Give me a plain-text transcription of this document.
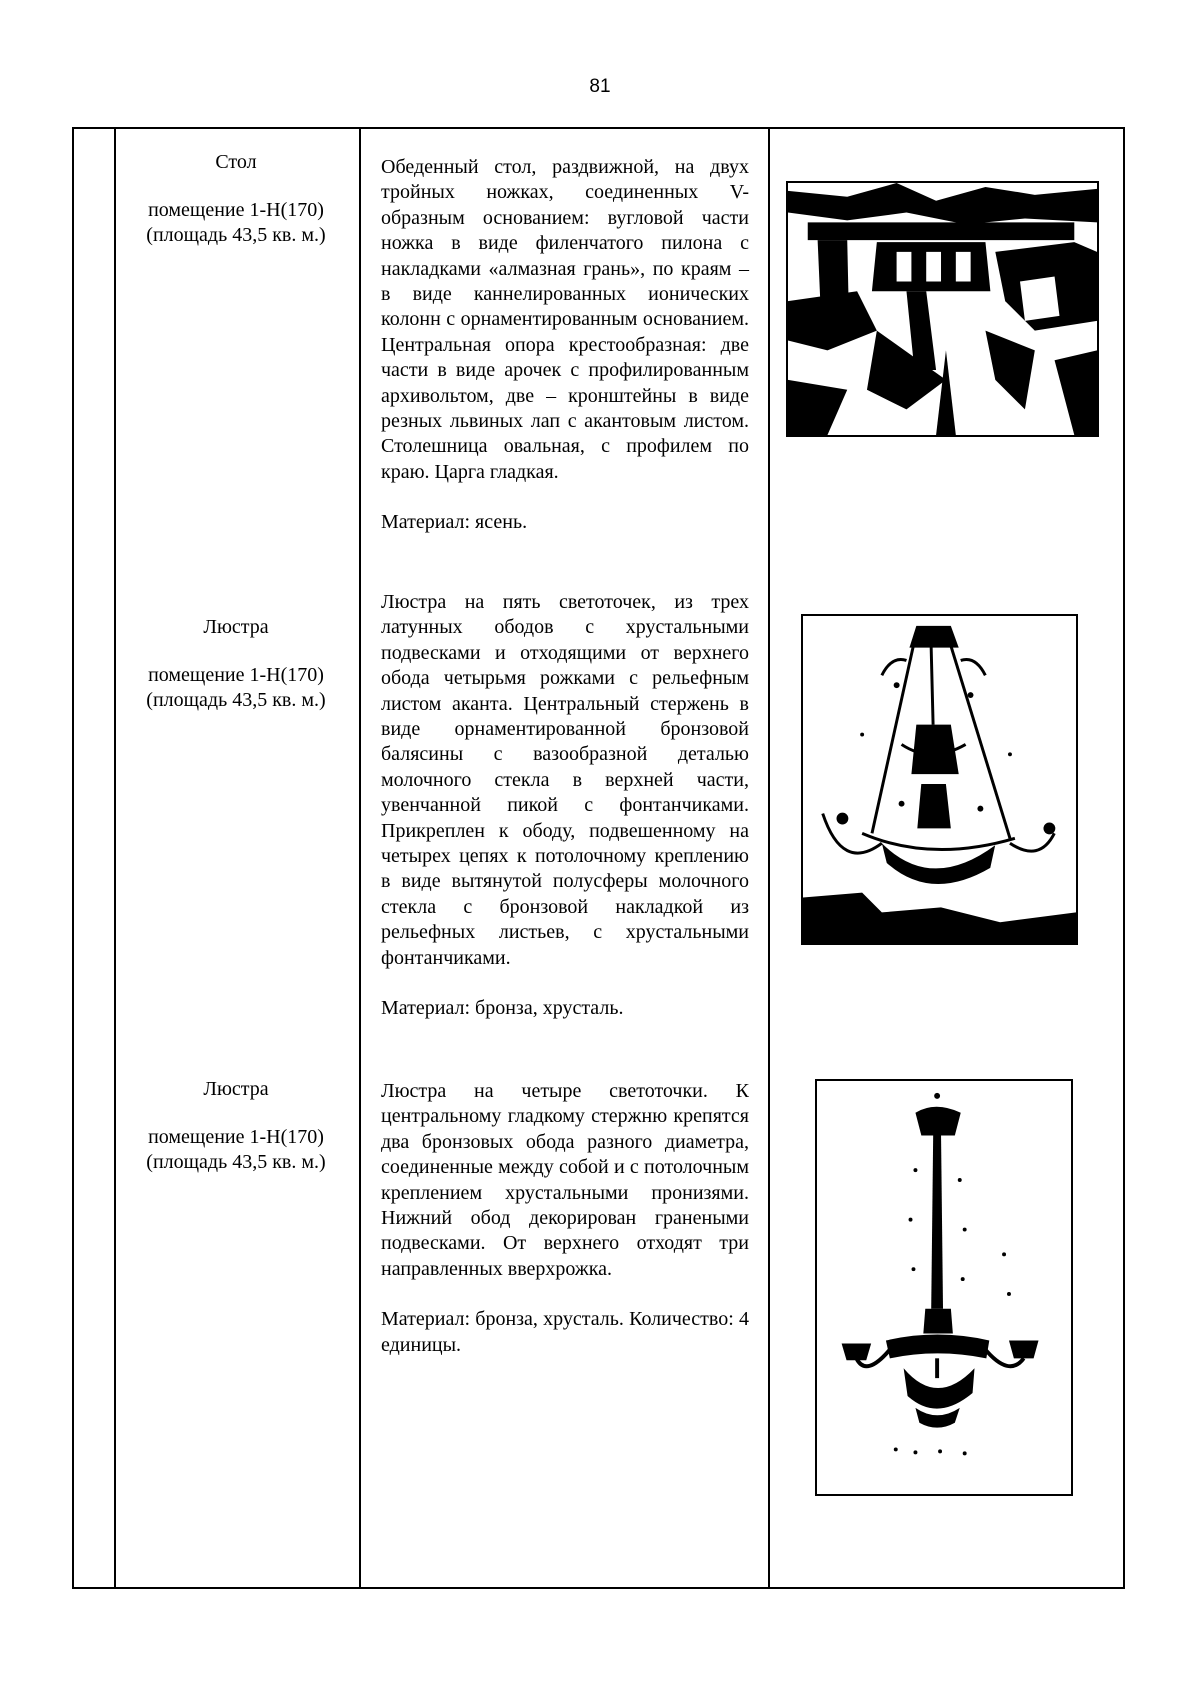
81
Стол
помещение 1-Н(170)
(площадь 43,5 кв. м.)

Обеденный стол, раздвижной, на двух тройных ножках, соединенных V-образным основанием: вугловой части ножка в виде филенчатого пилона с накладками «алмазная грань», по краям – в виде каннелированных ионических колонн с орнаментированным основанием. Центральная опора крестообразная: две части в виде арочек с профилированным архивольтом, две – кронштейны в виде резных львиных лап с акантовым листом. Столешница овальная, с профилем по краю. Царга гладкая.

Материал: ясень.

Люстра
помещение 1-Н(170)
(площадь 43,5 кв. м.)

Люстра на пять светоточек, из трех латунных ободов с хрустальными подвесками и отходящими от верхнего обода четырьмя рожками с рельефным листом аканта. Центральный стержень в виде орнаментированной бронзовой балясины с вазообразной деталью молочного стекла в верхней части, увенчанной пикой с фонтанчиками. Прикреплен к ободу, подвешенному на четырех цепях к потолочному креплению в виде вытянутой полусферы молочного стекла с бронзовой накладкой из рельефных листьев, с хрустальными фонтанчиками.

Материал: бронза, хрусталь.

Люстра
помещение 1-Н(170)
(площадь 43,5 кв. м.)

Люстра на четыре светоточки. К центральному гладкому стержню крепятся два бронзовых обода разного диаметра, соединенные между собой и с потолочным креплением хрустальными пронизями. Нижний обод декорирован гранеными подвесками. От верхнего отходят три направленных вверхрожка.

Материал: бронза, хрусталь. Количество: 4 единицы.
